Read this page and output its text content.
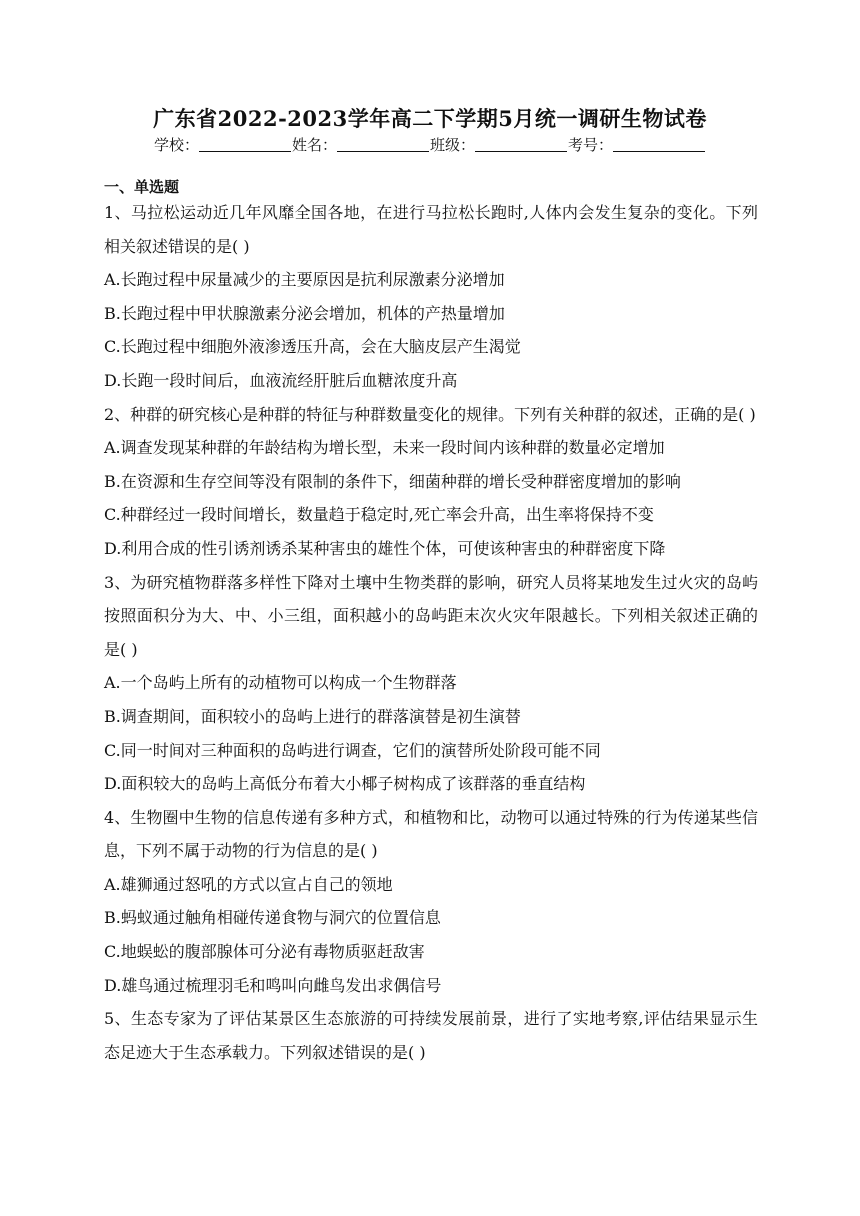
广东省2022-2023学年高二下学期5月统一调研生物试卷
学校：	姓名：	班级：	考号：
一、单选题

1、马拉松运动近几年风靡全国各地，在进行马拉松长跑时,人体内会发生复杂的变化。下列相关叙述错误的是( )

A.长跑过程中尿量减少的主要原因是抗利尿激素分泌增加

B.长跑过程中甲状腺激素分泌会增加，机体的产热量增加

C.长跑过程中细胞外液渗透压升高，会在大脑皮层产生渴觉

D.长跑一段时间后，血液流经肝脏后血糖浓度升高

2、种群的研究核心是种群的特征与种群数量变化的规律。下列有关种群的叙述，正确的是( )

A.调查发现某种群的年龄结构为增长型，未来一段时间内该种群的数量必定增加

B.在资源和生存空间等没有限制的条件下，细菌种群的增长受种群密度增加的影响

C.种群经过一段时间增长，数量趋于稳定时,死亡率会升高，出生率将保持不变

D.利用合成的性引诱剂诱杀某种害虫的雄性个体，可使该种害虫的种群密度下降

3、为研究植物群落多样性下降对土壤中生物类群的影响，研究人员将某地发生过火灾的岛屿按照面积分为大、中、小三组，面积越小的岛屿距末次火灾年限越长。下列相关叙述正确的是( )

A.一个岛屿上所有的动植物可以构成一个生物群落

B.调查期间，面积较小的岛屿上进行的群落演替是初生演替

C.同一时间对三种面积的岛屿进行调查，它们的演替所处阶段可能不同

D.面积较大的岛屿上高低分布着大小椰子树构成了该群落的垂直结构

4、生物圈中生物的信息传递有多种方式，和植物和比，动物可以通过特殊的行为传递某些信息，下列不属于动物的行为信息的是( )

A.雄狮通过怒吼的方式以宣占自己的领地

B.蚂蚁通过触角相碰传递食物与洞穴的位置信息

C.地蜈蚣的腹部腺体可分泌有毒物质驱赶敌害

D.雄鸟通过梳理羽毛和鸣叫向雌鸟发出求偶信号

5、生态专家为了评估某景区生态旅游的可持续发展前景，进行了实地考察,评估结果显示生态足迹大于生态承载力。下列叙述错误的是( )
